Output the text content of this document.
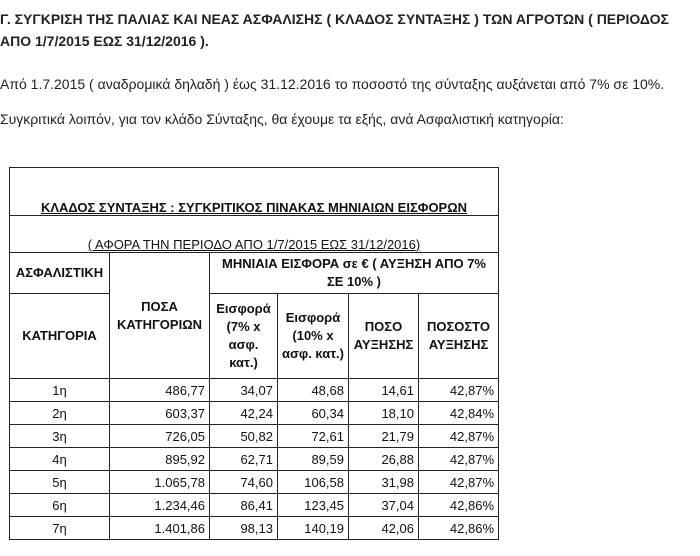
Γ. ΣΥΓΚΡΙΣΗ ΤΗΣ ΠΑΛΙΑΣ ΚΑΙ ΝΕΑΣ ΑΣΦΑΛΙΣΗΣ ( ΚΛΑΔΟΣ ΣΥΝΤΑΞΗΣ ) ΤΩΝ ΑΓΡΟΤΩΝ ( ΠΕΡΙΟΔΟΣ ΑΠΟ 1/7/2015 ΕΩΣ 31/12/2016 ).

Από 1.7.2015 ( αναδρομικά δηλαδή ) έως 31.12.2016 το ποσοστό της σύνταξης αυξάνεται από 7% σε 10%.

Συγκριτικά λοιπόν, για τον κλάδο Σύνταξης, θα έχουμε τα εξής, ανά Ασφαλιστική κατηγορία:

ΚΛΑΔΟΣ ΣΥΝΤΑΞΗΣ : ΣΥΓΚΡΙΤΙΚΟΣ ΠΙΝΑΚΑΣ ΜΗΝΙΑΙΩΝ ΕΙΣΦΟΡΩΝ					
( ΑΦΟΡΑ ΤΗΝ ΠΕΡΙΟΔΟ ΑΠΟ 1/7/2015 ΕΩΣ 31/12/2016)					
ΑΣΦΑΛΙΣΤΙΚΗ	ΠΟΣΑ ΚΑΤΗΓΟΡΙΩΝ	ΜΗΝΙΑΙΑ ΕΙΣΦΟΡΑ σε € ( ΑΥΞΗΣΗ ΑΠΟ 7% ΣΕ 10% )			
ΚΑΤΗΓΟΡΙΑ		Εισφορά (7% x ασφ. κατ.)	Εισφορά (10% x ασφ. κατ.)	ΠΟΣΟ ΑΥΞΗΣΗΣ	ΠΟΣΟΣΤΟ ΑΥΞΗΣΗΣ
1η	486,77	34,07	48,68	14,61	42,87%
2η	603,37	42,24	60,34	18,10	42,84%
3η	726,05	50,82	72,61	21,79	42,87%
4η	895,92	62,71	89,59	26,88	42,87%
5η	1.065,78	74,60	106,58	31,98	42,87%
6η	1.234,46	86,41	123,45	37,04	42,86%
7η	1.401,86	98,13	140,19	42,06	42,86%
